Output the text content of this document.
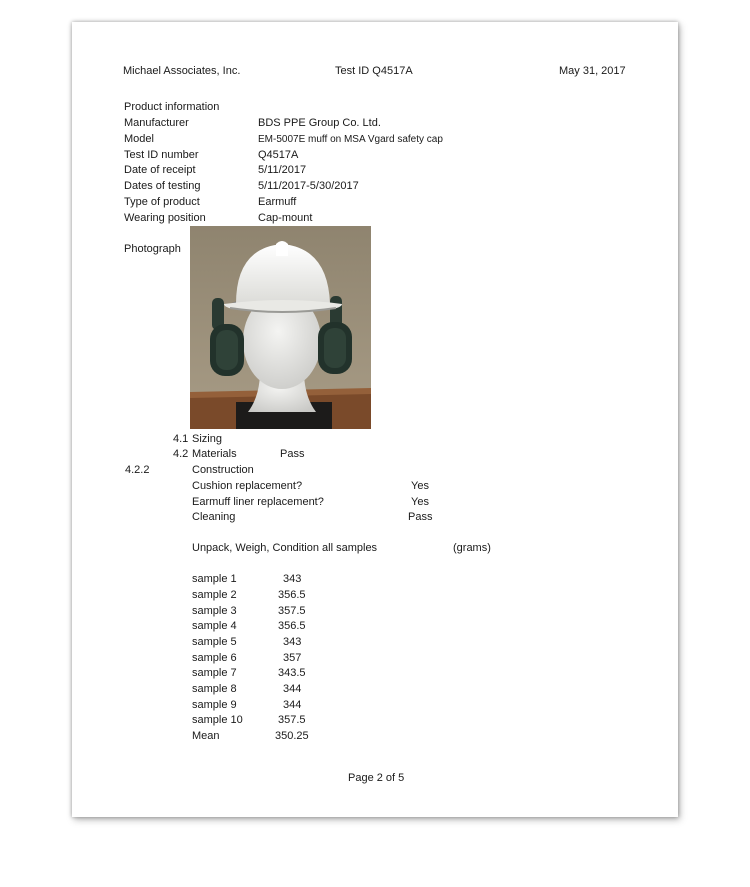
Michael Associates, Inc.	Test ID Q4517A	May 31, 2017
Product information
Manufacturer	BDS PPE Group Co. Ltd.
Model	EM-5007E muff on MSA Vgard safety cap
Test ID number	Q4517A
Date of receipt	5/11/2017
Dates of testing	5/11/2017-5/30/2017
Type of product	Earmuff
Wearing position	Cap-mount
Photograph
4.1 Sizing
4.2 Materials	Pass
4.2.2	Construction
Cushion replacement?	Yes
Earmuff liner replacement?	Yes
Cleaning	Pass
Unpack, Weigh, Condition all samples	(grams)
sample 1	343
sample 2	356.5
sample 3	357.5
sample 4	356.5
sample 5	343
sample 6	357
sample 7	343.5
sample 8	344
sample 9	344
sample 10	357.5
Mean	350.25
Page 2 of 5
